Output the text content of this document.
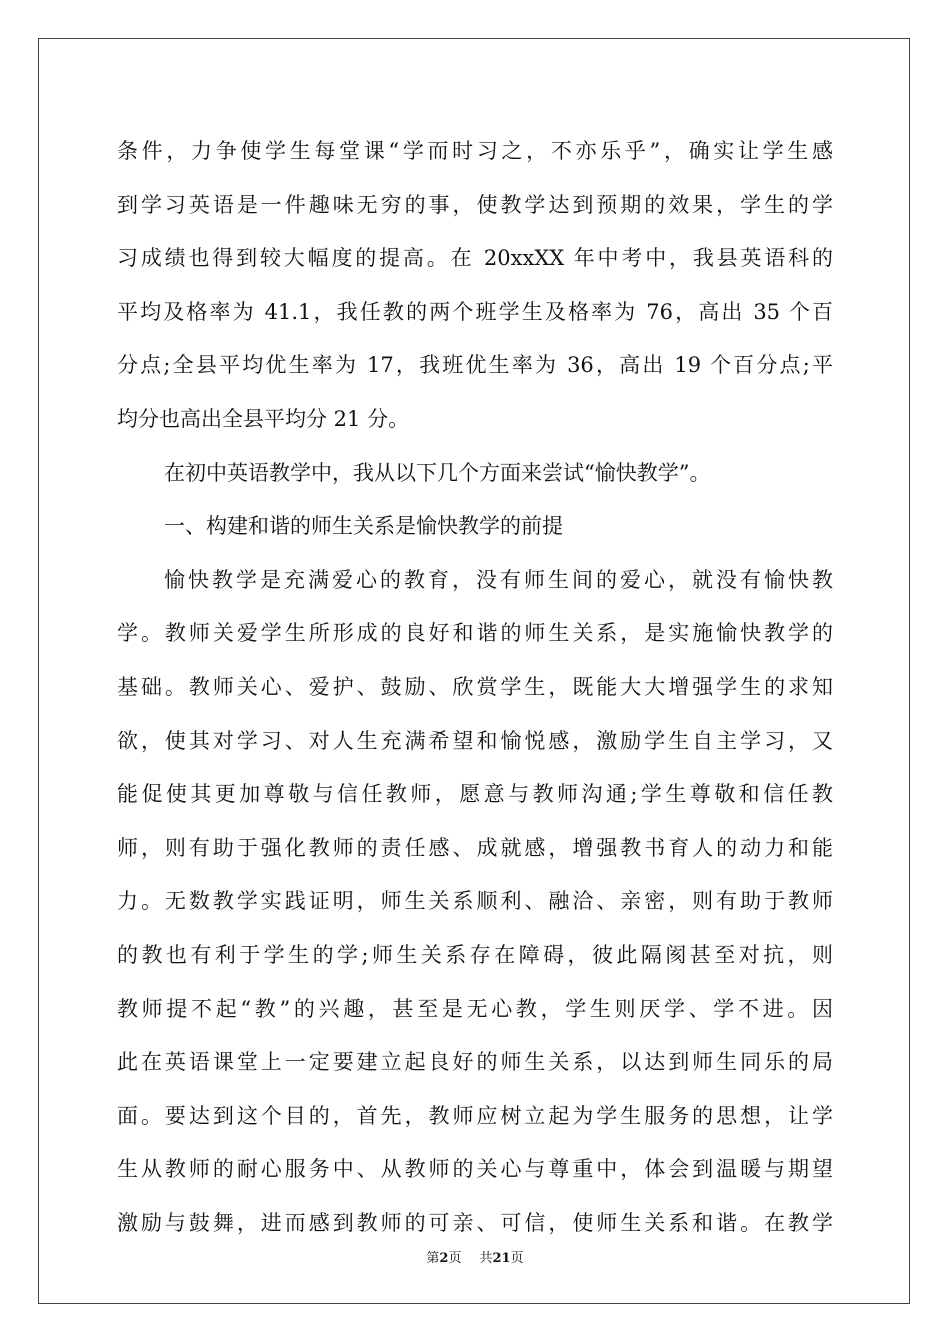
条件，力争使学生每堂课“学而时习之，不亦乐乎”，确实让学生感
到学习英语是一件趣味无穷的事，使教学达到预期的效果，学生的学
习成绩也得到较大幅度的提高。在 20xxXX 年中考中，我县英语科的
平均及格率为 41.1，我任教的两个班学生及格率为 76，高出 35 个百
分点;全县平均优生率为 17，我班优生率为 36，高出 19 个百分点;平
均分也高出全县平均分 21 分。
在初中英语教学中，我从以下几个方面来尝试“愉快教学”。
一、构建和谐的师生关系是愉快教学的前提
愉快教学是充满爱心的教育，没有师生间的爱心，就没有愉快教
学。教师关爱学生所形成的良好和谐的师生关系，是实施愉快教学的
基础。教师关心、爱护、鼓励、欣赏学生，既能大大增强学生的求知
欲，使其对学习、对人生充满希望和愉悦感，激励学生自主学习，又
能促使其更加尊敬与信任教师，愿意与教师沟通;学生尊敬和信任教
师，则有助于强化教师的责任感、成就感，增强教书育人的动力和能
力。无数教学实践证明，师生关系顺利、融洽、亲密，则有助于教师
的教也有利于学生的学;师生关系存在障碍，彼此隔阂甚至对抗，则
教师提不起“教”的兴趣，甚至是无心教，学生则厌学、学不进。因
此在英语课堂上一定要建立起良好的师生关系，以达到师生同乐的局
面。要达到这个目的，首先，教师应树立起为学生服务的思想，让学
生从教师的耐心服务中、从教师的关心与尊重中，体会到温暖与期望
激励与鼓舞，进而感到教师的可亲、可信，使师生关系和谐。在教学
第2页 共21页
